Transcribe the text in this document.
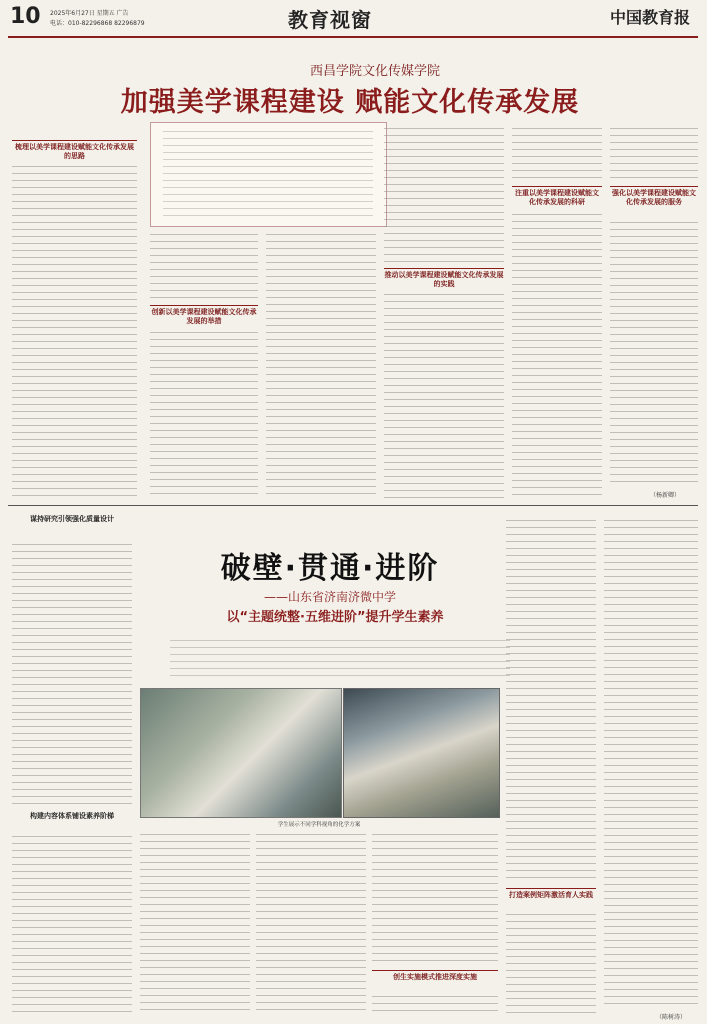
10 2025年6月27日 星期五 广告
电话：010-82296868 82296879	教育视窗	中国教育报
西昌学院文化传媒学院
加强美学课程建设 赋能文化传承发展
梳理以美学课程建设赋能文化传承发展的思路
创新以美学课程建设赋能文化传承发展的举措
推动以美学课程建设赋能文化传承发展的实践
注重以美学课程建设赋能文化传承发展的科研
强化以美学课程建设赋能文化传承发展的服务
（杨新卿）
谋持研究引领强化质量设计
构建内容体系铺设素养阶梯
破壁·贯通·进阶
——山东省济南济微中学
以“主题统整·五维进阶”提升学生素养
学生展示不同学科视角的化学方案
创生实施模式推进深度实施
打造案例矩阵激活育人实践
（陈树涛）
